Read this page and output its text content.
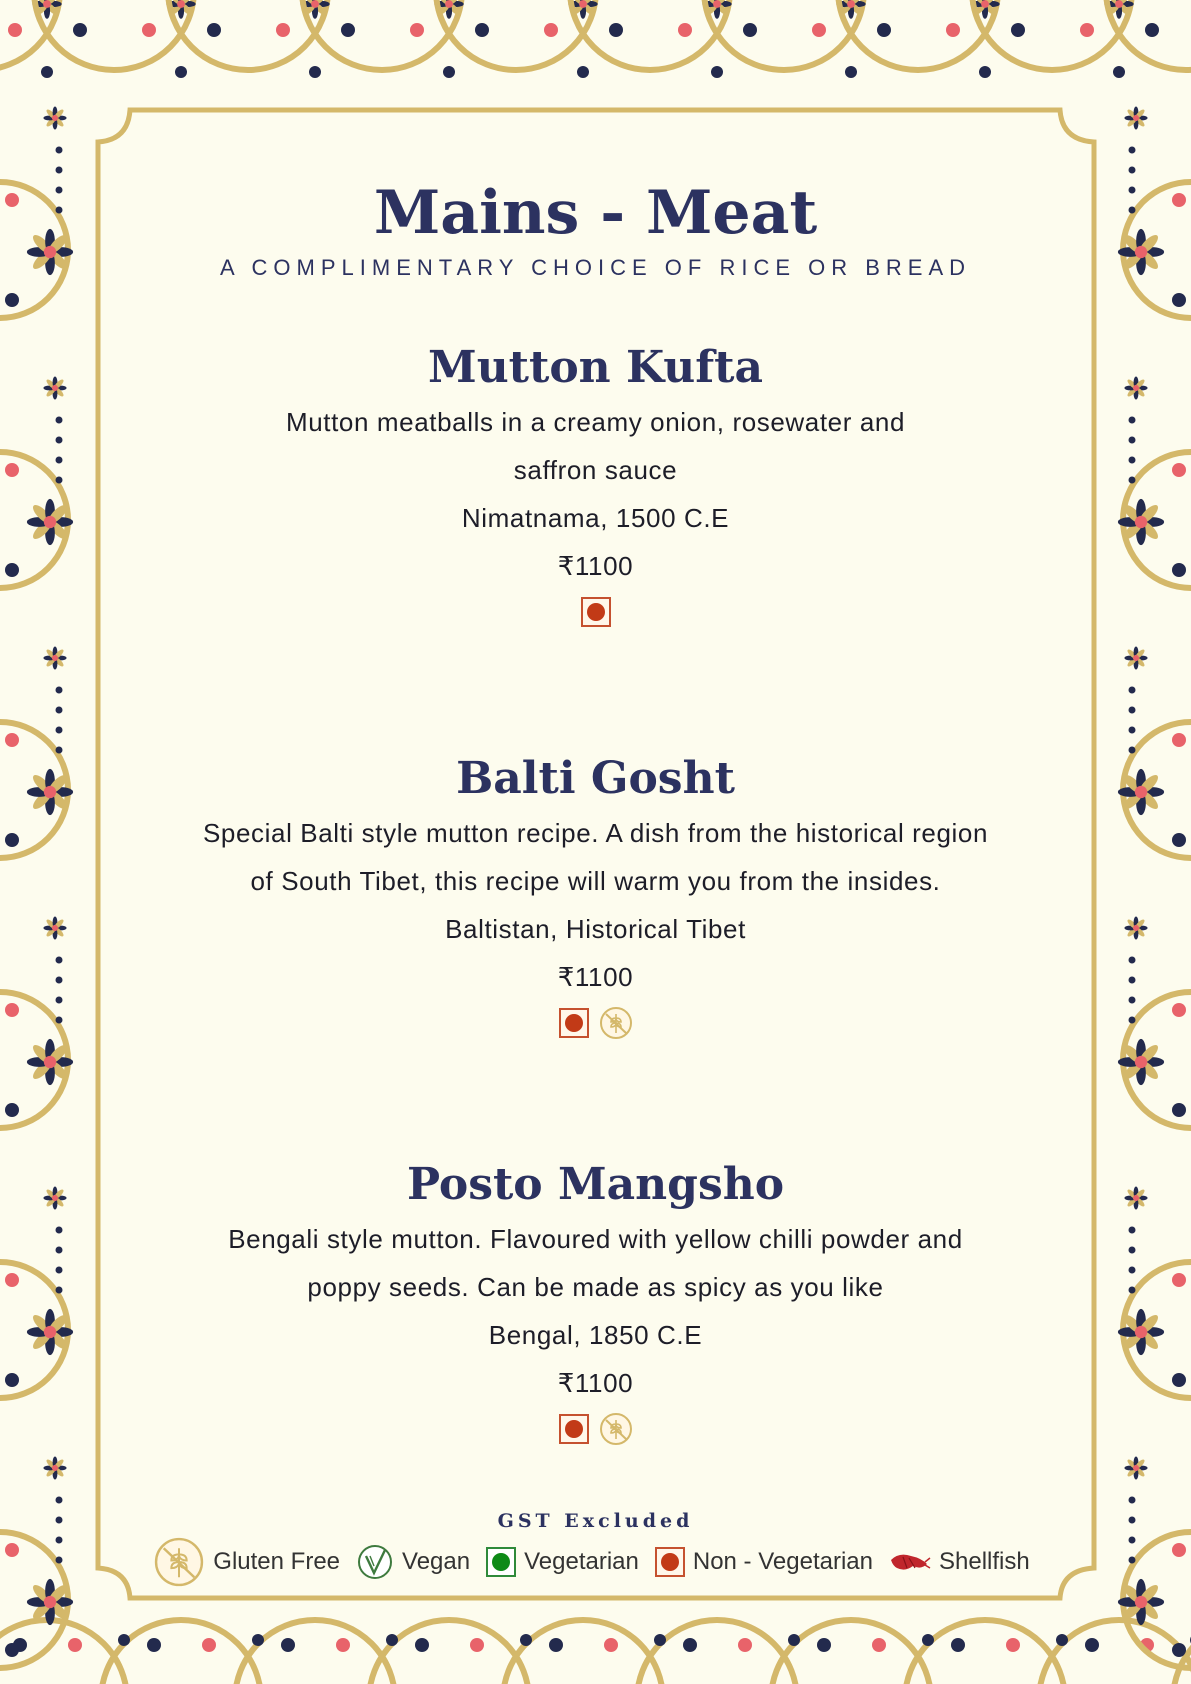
Mains - Meat
A COMPLIMENTARY CHOICE OF RICE OR BREAD
Mutton Kufta
Mutton meatballs in a creamy onion, rosewater and
saffron sauce
Nimatnama, 1500 C.E
₹1100
Balti Gosht
Special Balti style mutton recipe. A dish from the historical region
of South Tibet, this recipe will warm you from the insides.
Baltistan, Historical Tibet
₹1100
Posto Mangsho
Bengali style mutton. Flavoured with yellow chilli powder and
poppy seeds. Can be made as spicy as you like
Bengal, 1850 C.E
₹1100
GST Excluded
Gluten Free	Vegan Vegetarian Non - Vegetarian	Shellfish
